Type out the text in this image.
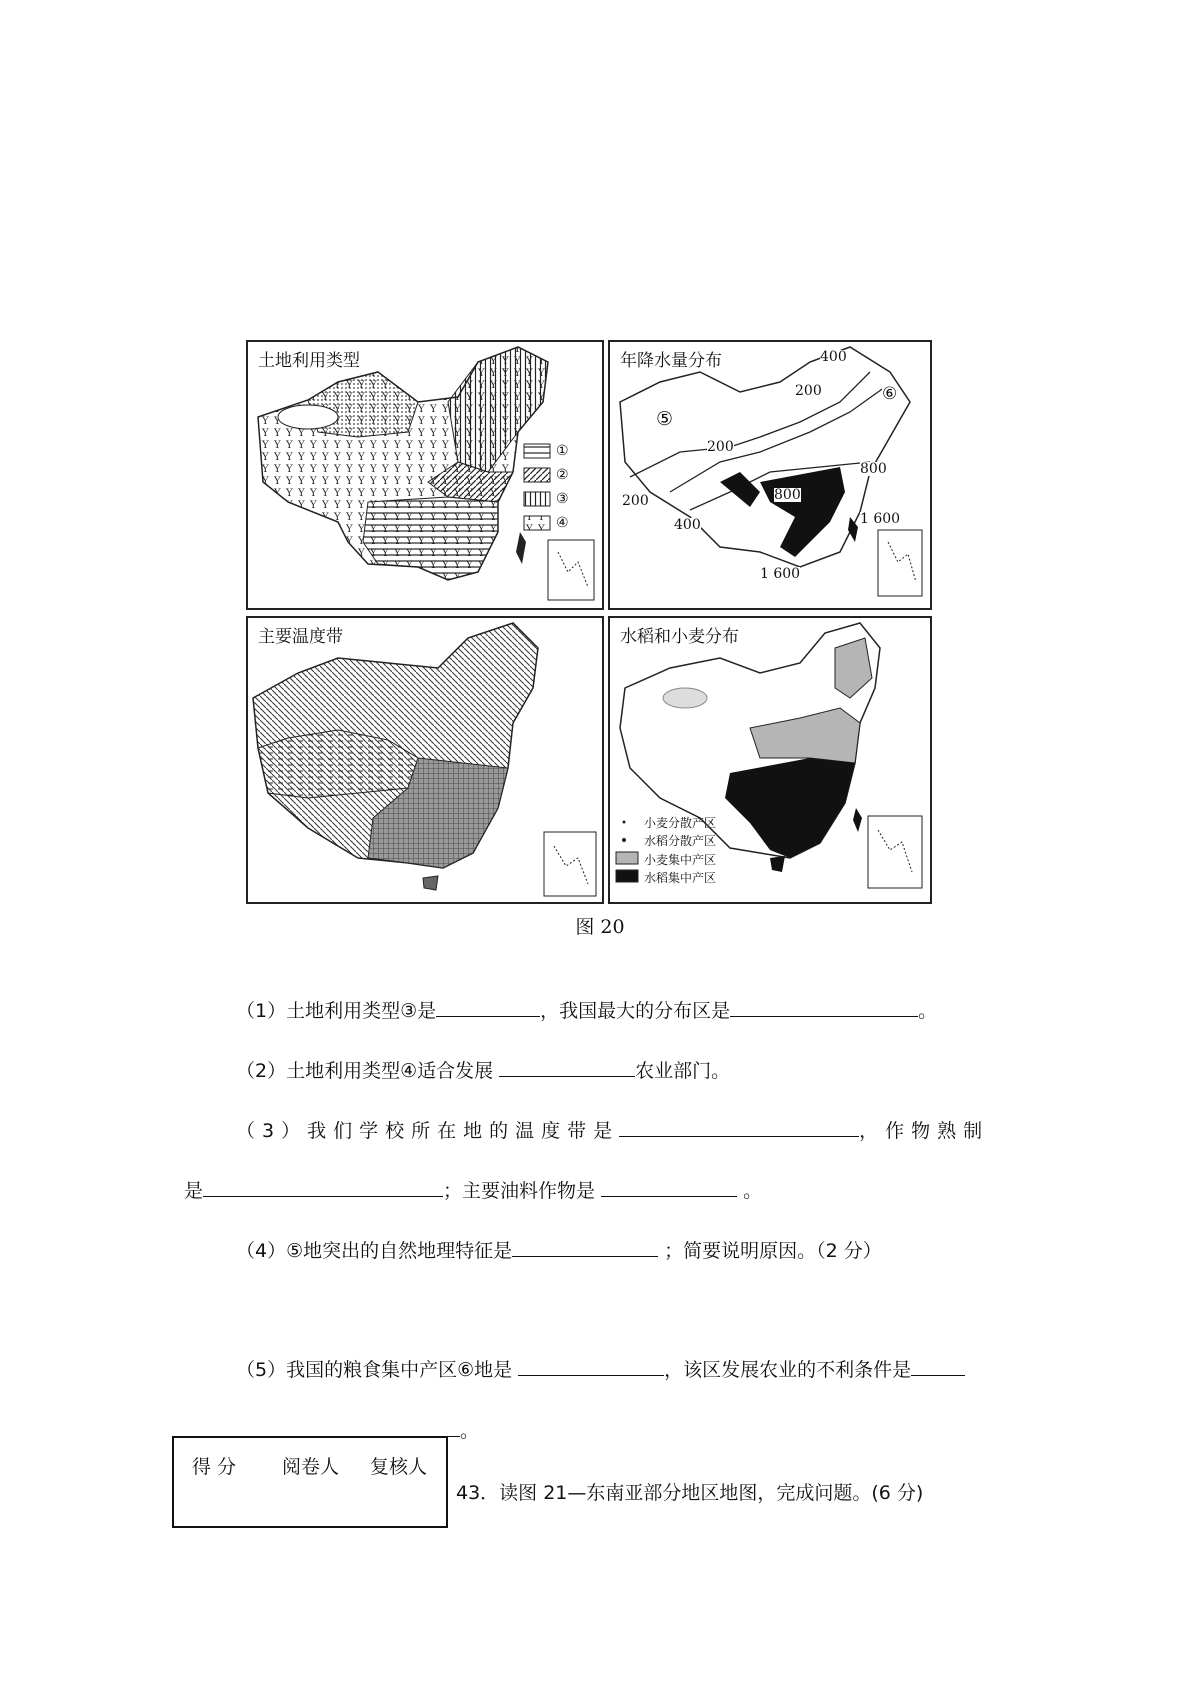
土地利用类型
①
②
③
④
年降水量分布	400
200	⑥
⑤
200
800
800
200
400	1 600
1 600
主要温度带	水稻和小麦分布
小麦分散产区
水稻分散产区
小麦集中产区
水稻集中产区
图 20
（1）土地利用类型③是	，我国最大的分布区是	。
（2）土地利用类型④适合发展	农业部门。
（3）我们学校所在地的温度带是	，作物熟制
是	；主要油料作物是	。
（4）⑤地突出的自然地理特征是	；简要说明原因。（2 分）
（5）我国的粮食集中产区⑥地是	，该区发展农业的不利条件是
。
得 分 阅卷人 复核人
43．读图 21—东南亚部分地区地图，完成问题。(6 分)
